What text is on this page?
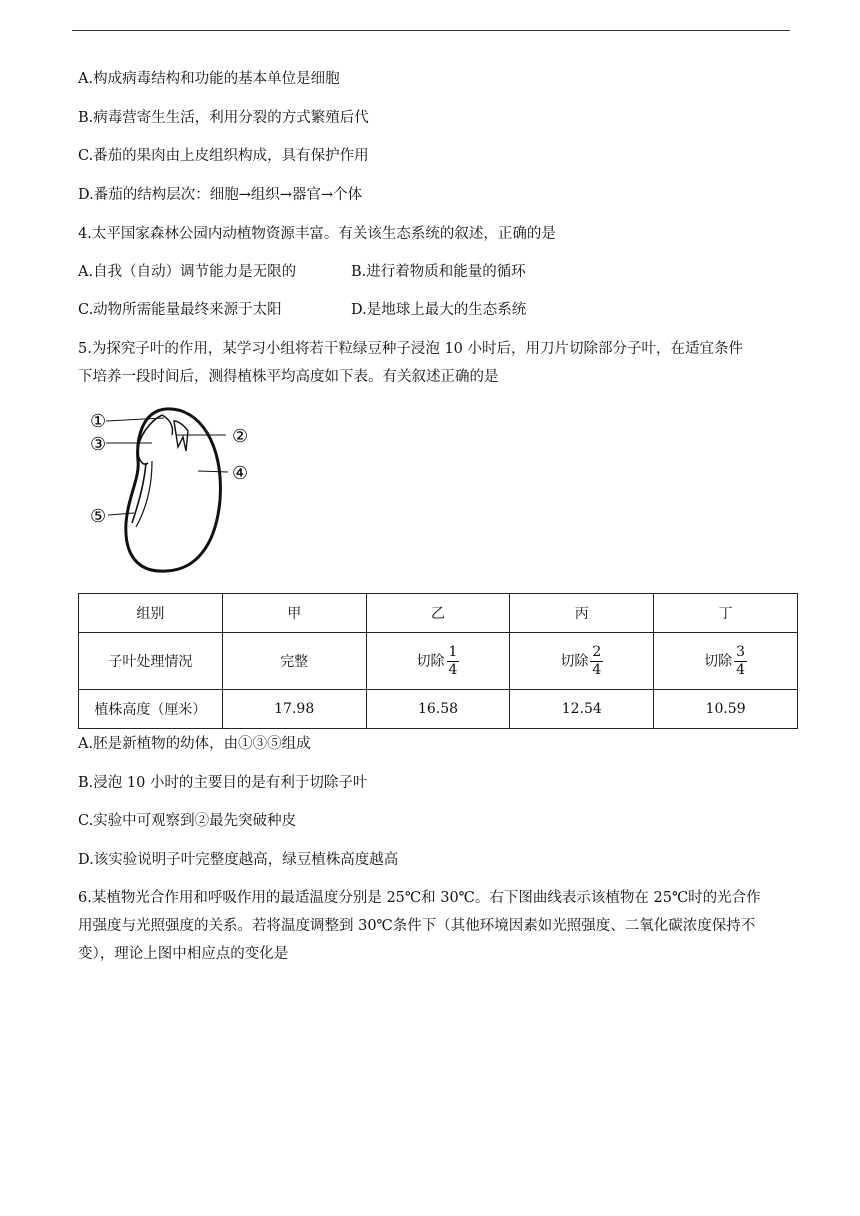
A.构成病毒结构和功能的基本单位是细胞
B.病毒营寄生生活，利用分裂的方式繁殖后代
C.番茄的果肉由上皮组织构成，具有保护作用
D.番茄的结构层次：细胞→组织→器官→个体
4.太平国家森林公园内动植物资源丰富。有关该生态系统的叙述，正确的是
A.自我（自动）调节能力是无限的	B.进行着物质和能量的循环
C.动物所需能量最终来源于太阳	D.是地球上最大的生态系统
5.为探究子叶的作用，某学习小组将若干粒绿豆种子浸泡 10 小时后，用刀片切除部分子叶，在适宜条件
下培养一段时间后，测得植株平均高度如下表。有关叙述正确的是
①
②
③
④
⑤
组别	甲	乙	丙	丁
子叶处理情况	完整	切除 $\frac{1}{4}$	切除 $\frac{2}{4}$	切除 $\frac{3}{4}$

植株高度（厘米）	17.98	16.58	12.54	10.59
A.胚是新植物的幼体，由①③⑤组成
B.浸泡 10 小时的主要目的是有利于切除子叶
C.实验中可观察到②最先突破种皮
D.该实验说明子叶完整度越高，绿豆植株高度越高
6.某植物光合作用和呼吸作用的最适温度分别是 25℃和 30℃。右下图曲线表示该植物在 25℃时的光合作
用强度与光照强度的关系。若将温度调整到 30℃条件下（其他环境因素如光照强度、二氧化碳浓度保持不
变），理论上图中相应点的变化是
